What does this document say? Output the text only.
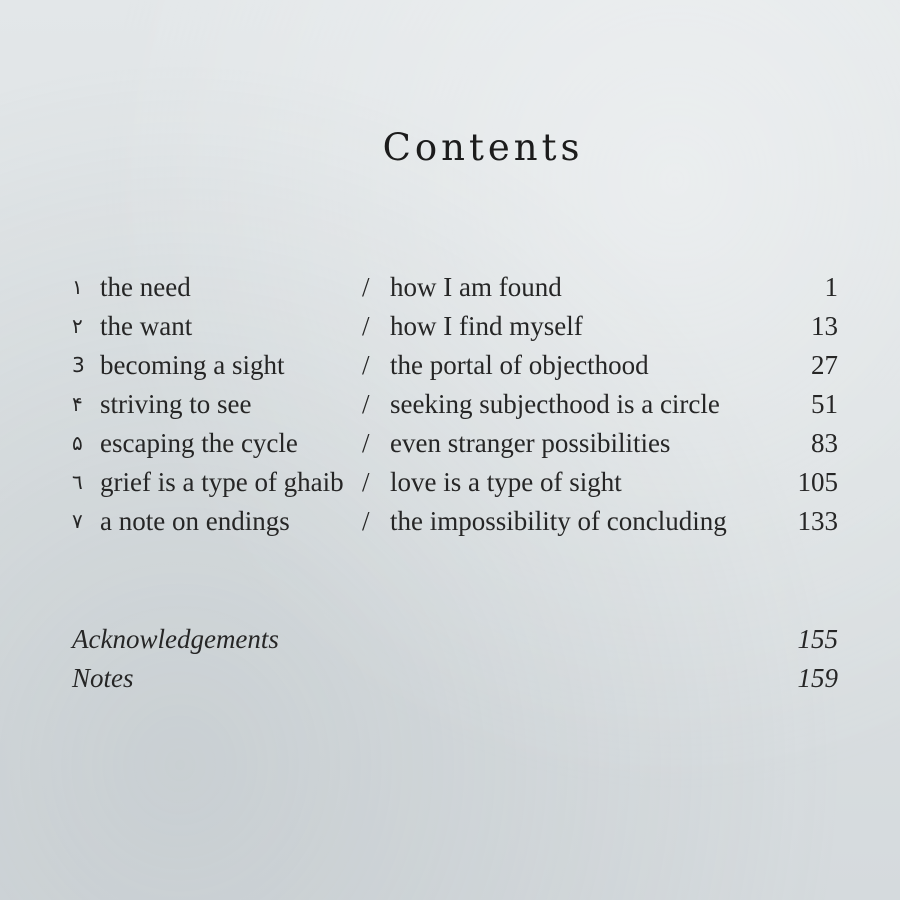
Contents
١ the need	/ how I am found	1
٢ the want	/ how I find myself	13
3 becoming a sight	/ the portal of objecthood	27
۴ striving to see	/ seeking subjecthood is a circle	51
۵ escaping the cycle / even stranger possibilities	83
٦ grief is a type of ghaib / love is a type of sight	105
٧ a note on endings	/ the impossibility of concluding	133
Acknowledgements	155
Notes	159
